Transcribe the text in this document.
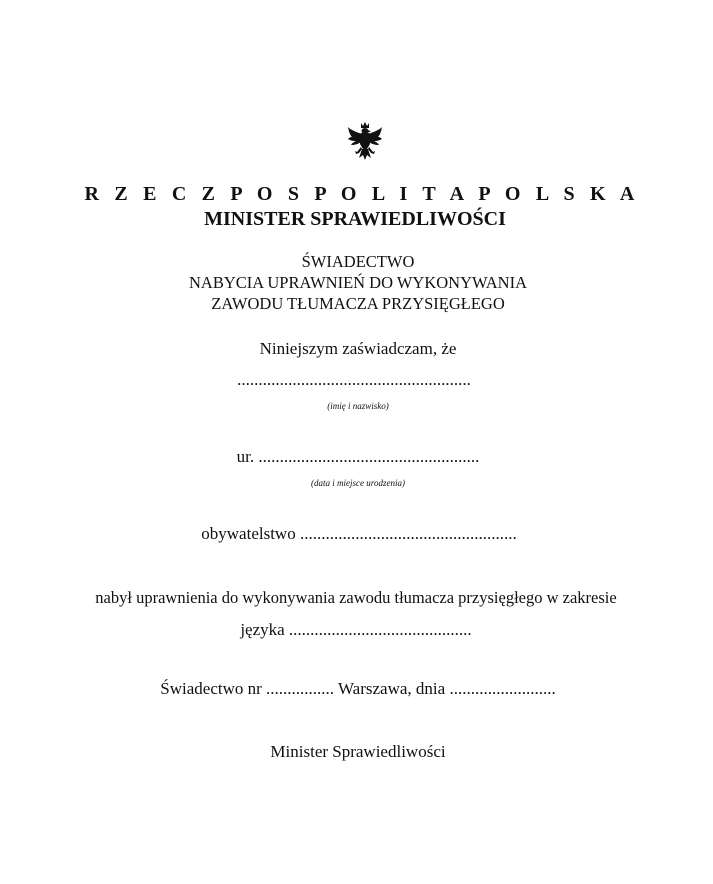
R Z E C Z P O S P O L I T A P O L S K A
MINISTER SPRAWIEDLIWOŚCI
ŚWIADECTWO
NABYCIA UPRAWNIEŃ DO WYKONYWANIA
ZAWODU TŁUMACZA PRZYSIĘGŁEGO
Niniejszym zaświadczam, że
.......................................................
(imię i nazwisko)
ur. ....................................................
(data i miejsce urodzenia)
obywatelstwo ...................................................
nabył uprawnienia do wykonywania zawodu tłumacza przysięgłego w zakresie
języka ...........................................
Świadectwo nr ................ Warszawa, dnia .........................
Minister Sprawiedliwości
